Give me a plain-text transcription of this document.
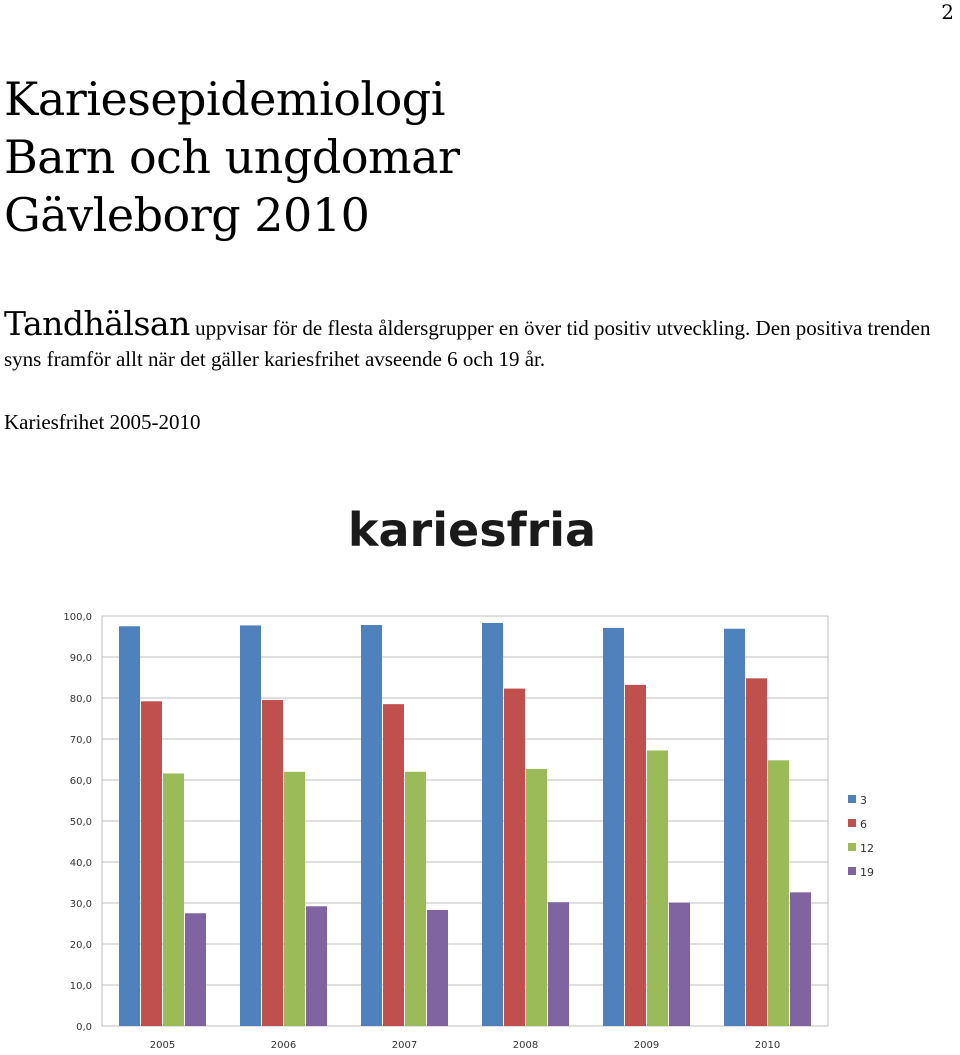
2
Kariesepidemiologi
Barn och ungdomar
Gävleborg 2010
Tandhälsan uppvisar för de flesta åldersgrupper en över tid positiv utveckling. Den positiva trenden syns framför allt när det gäller kariesfrihet avseende 6 och 19 år.
Kariesfrihet 2005-2010
kariesfria
0,0
10,0
20,0
30,0
40,0
50,0
60,0
70,0
80,0
90,0
100,0
2005	2006	2007	2008	2009	2010
3
6
12
19
